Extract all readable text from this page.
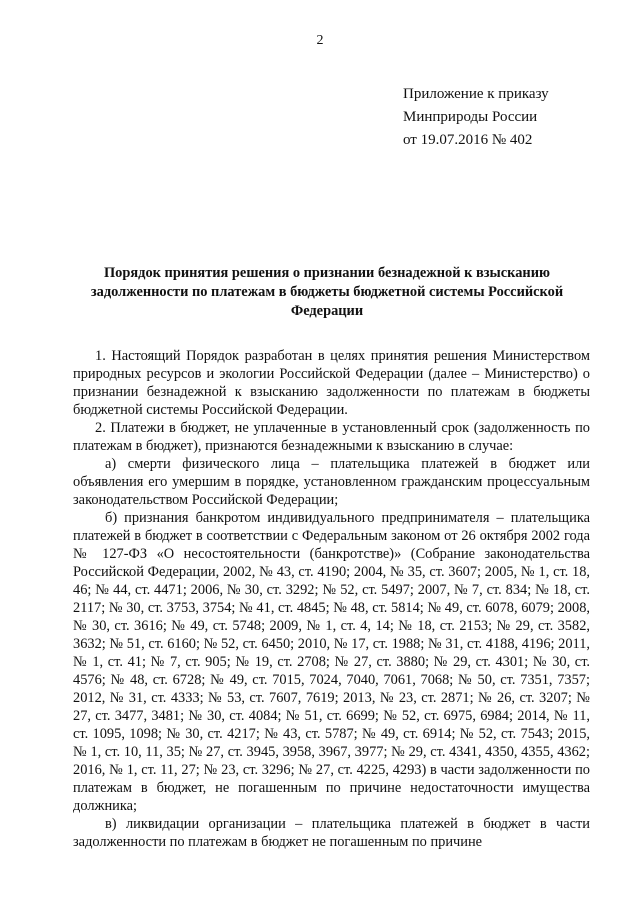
2
Приложение к приказу
Минприроды России
от 19.07.2016 № 402
Порядок принятия решения о признании безнадежной к взысканию задолженности по платежам в бюджеты бюджетной системы Российской Федерации

1. Настоящий Порядок разработан в целях принятия решения Министерством природных ресурсов и экологии Российской Федерации (далее – Министерство) о признании безнадежной к взысканию задолженности по платежам в бюджеты бюджетной системы Российской Федерации.

2. Платежи в бюджет, не уплаченные в установленный срок (задолженность по платежам в бюджет), признаются безнадежными к взысканию в случае:

а) смерти физического лица – плательщика платежей в бюджет или объявления его умершим в порядке, установленном гражданским процессуальным законодательством Российской Федерации;

б) признания банкротом индивидуального предпринимателя – плательщика платежей в бюджет в соответствии с Федеральным законом от 26 октября 2002 года № 127-ФЗ «О несостоятельности (банкротстве)» (Собрание законодательства Российской Федерации, 2002, № 43, ст. 4190; 2004, № 35, ст. 3607; 2005, № 1, ст. 18, 46; № 44, ст. 4471; 2006, № 30, ст. 3292; № 52, ст. 5497; 2007, № 7, ст. 834; № 18, ст. 2117; № 30, ст. 3753, 3754; № 41, ст. 4845; № 48, ст. 5814; № 49, ст. 6078, 6079; 2008, № 30, ст. 3616; № 49, ст. 5748; 2009, № 1, ст. 4, 14; № 18, ст. 2153; № 29, ст. 3582, 3632; № 51, ст. 6160; № 52, ст. 6450; 2010, № 17, ст. 1988; № 31, ст. 4188, 4196; 2011, № 1, ст. 41; № 7, ст. 905; № 19, ст. 2708; № 27, ст. 3880; № 29, ст. 4301; № 30, ст. 4576; № 48, ст. 6728; № 49, ст. 7015, 7024, 7040, 7061, 7068; № 50, ст. 7351, 7357; 2012, № 31, ст. 4333; № 53, ст. 7607, 7619; 2013, № 23, ст. 2871; № 26, ст. 3207; № 27, ст. 3477, 3481; № 30, ст. 4084; № 51, ст. 6699; № 52, ст. 6975, 6984; 2014, № 11, ст. 1095, 1098; № 30, ст. 4217; № 43, ст. 5787; № 49, ст. 6914; № 52, ст. 7543; 2015, № 1, ст. 10, 11, 35; № 27, ст. 3945, 3958, 3967, 3977; № 29, ст. 4341, 4350, 4355, 4362; 2016, № 1, ст. 11, 27; № 23, ст. 3296; № 27, ст. 4225, 4293) в части задолженности по платежам в бюджет, не погашенным по причине недостаточности имущества должника;

в) ликвидации организации – плательщика платежей в бюджет в части задолженности по платежам в бюджет не погашенным по причине
